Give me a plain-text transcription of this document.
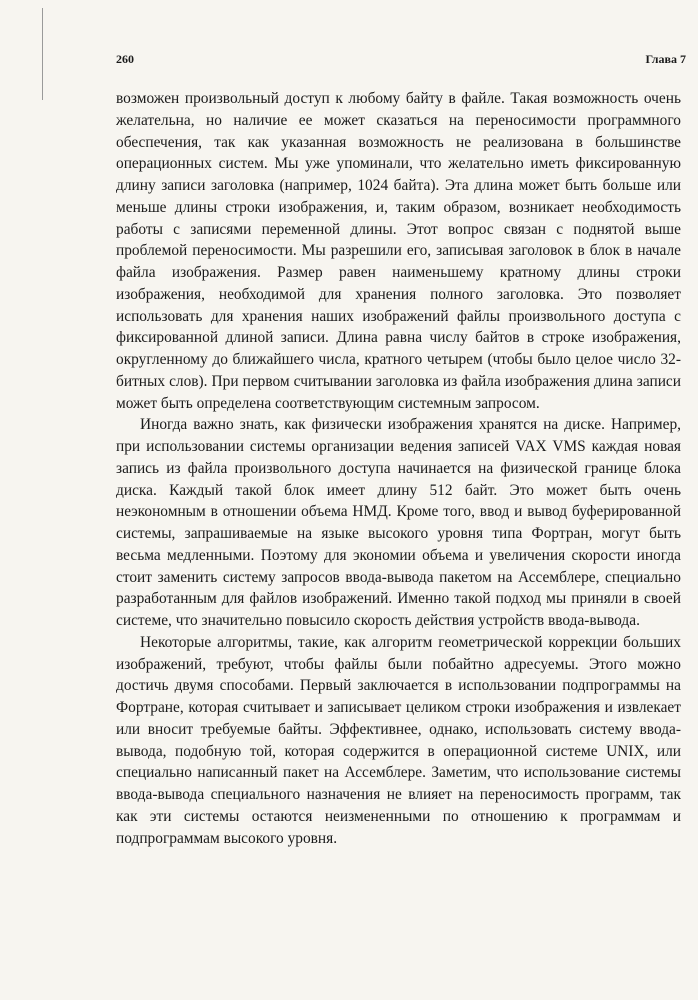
260	Глава 7

возможен произвольный доступ к любому байту в файле. Такая возможность очень желательна, но наличие ее может сказаться на переносимости программного обеспечения, так как указанная возможность не реализована в большинстве операционных систем. Мы уже упоминали, что желательно иметь фиксированную длину записи заголовка (например, 1024 байта). Эта длина может быть больше или меньше длины строки изображения, и, таким образом, возникает необходимость работы с записями переменной длины. Этот вопрос связан с поднятой выше проблемой переносимости. Мы разрешили его, записывая заголовок в блок в начале файла изображения. Размер равен наименьшему кратному длины строки изображения, необходимой для хранения полного заголовка. Это позволяет использовать для хранения наших изображений файлы произвольного доступа с фиксированной длиной записи. Длина равна числу байтов в строке изображения, округленному до ближайшего числа, кратного четырем (чтобы было целое число 32-битных слов). При первом считывании заголовка из файла изображения длина записи может быть определена соответствующим системным запросом.

Иногда важно знать, как физически изображения хранятся на диске. Например, при использовании системы организации ведения записей VAX VMS каждая новая запись из файла произвольного доступа начинается на физической границе блока диска. Каждый такой блок имеет длину 512 байт. Это может быть очень неэкономным в отношении объема НМД. Кроме того, ввод и вывод буферированной системы, запрашиваемые на языке высокого уровня типа Фортран, могут быть весьма медленными. Поэтому для экономии объема и увеличения скорости иногда стоит заменить систему запросов ввода-вывода пакетом на Ассемблере, специально разработанным для файлов изображений. Именно такой подход мы приняли в своей системе, что значительно повысило скорость действия устройств ввода-вывода.

Некоторые алгоритмы, такие, как алгоритм геометрической коррекции больших изображений, требуют, чтобы файлы были побайтно адресуемы. Этого можно достичь двумя способами. Первый заключается в использовании подпрограммы на Фортране, которая считывает и записывает целиком строки изображения и извлекает или вносит требуемые байты. Эффективнее, однако, использовать систему ввода-вывода, подобную той, которая содержится в операционной системе UNIX, или специально написанный пакет на Ассемблере. Заметим, что использование системы ввода-вывода специального назначения не влияет на переносимость программ, так как эти системы остаются неизмененными по отношению к программам и подпрограммам высокого уровня.
